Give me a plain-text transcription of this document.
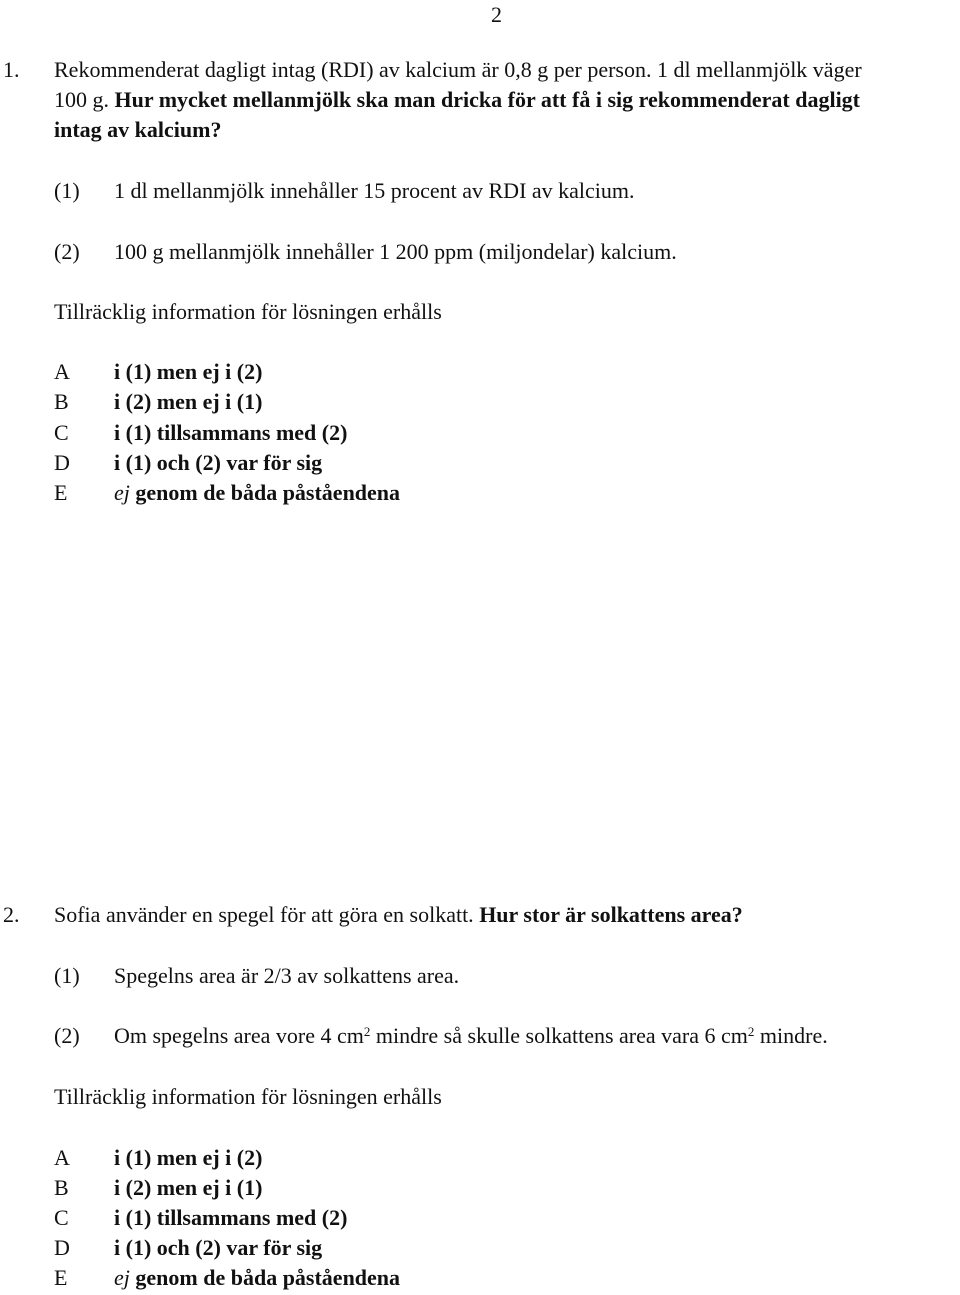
2
1. Rekommenderat dagligt intag (RDI) av kalcium är 0,8 g per person. 1 dl mellanmjölk väger
100 g. Hur mycket mellanmjölk ska man dricka för att få i sig rekommenderat dagligt
intag av kalcium?
(1) 1 dl mellanmjölk innehåller 15 procent av RDI av kalcium.
(2) 100 g mellanmjölk innehåller 1 200 ppm (miljondelar) kalcium.
Tillräcklig information för lösningen erhålls
A i (1) men ej i (2)
B i (2) men ej i (1)
C i (1) tillsammans med (2)
D i (1) och (2) var för sig
E ej genom de båda påståendena
2. Sofia använder en spegel för att göra en solkatt. Hur stor är solkattens area?
(1) Spegelns area är 2/3 av solkattens area.
(2) Om spegelns area vore 4 $cm^2$ mindre så skulle solkattens area vara 6 $cm^2$ mindre.
Tillräcklig information för lösningen erhålls
A i (1) men ej i (2)
B i (2) men ej i (1)
C i (1) tillsammans med (2)
D i (1) och (2) var för sig
E ej genom de båda påståendena
